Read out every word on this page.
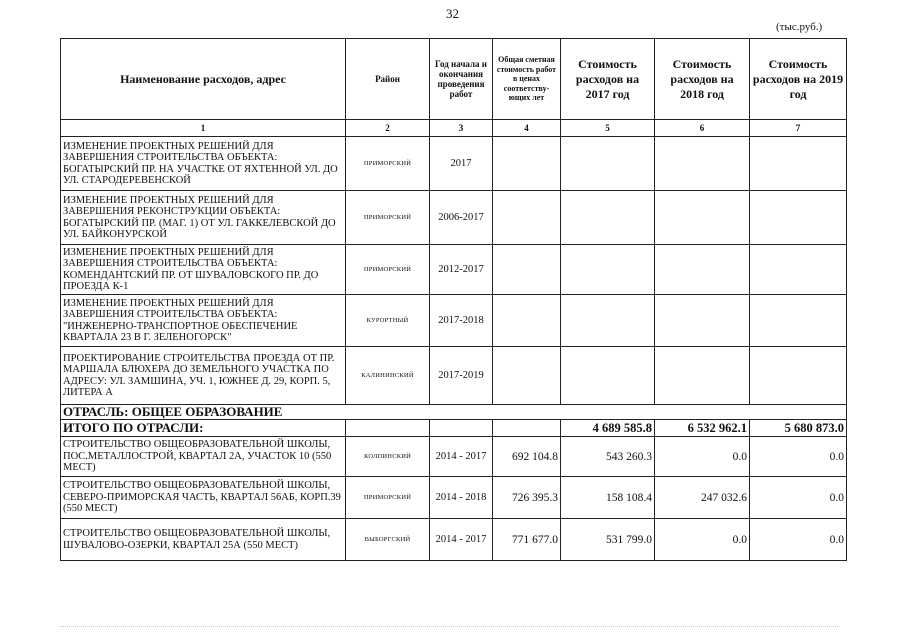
32
(тыс.руб.)
Наименование расходов, адрес	Район	Год начала и окончания проведения работ	Общая сметная стоимость работ в ценах соответству-ющих лет	Стоимость расходов на 2017 год	Стоимость расходов на 2018 год	Стоимость расходов на 2019 год
1	2	3	4	5	6	7
ИЗМЕНЕНИЕ ПРОЕКТНЫХ РЕШЕНИЙ ДЛЯ ЗАВЕРШЕНИЯ СТРОИТЕЛЬСТВА ОБЪЕКТА: БОГАТЫРСКИЙ ПР. НА УЧАСТКЕ ОТ ЯХТЕННОЙ УЛ. ДО УЛ. СТАРОДЕРЕВЕНСКОЙ	ПРИМОРСКИЙ	2017				
ИЗМЕНЕНИЕ ПРОЕКТНЫХ РЕШЕНИЙ ДЛЯ ЗАВЕРШЕНИЯ РЕКОНСТРУКЦИИ ОБЪЕКТА: БОГАТЫРСКИЙ ПР. (МАГ. 1) ОТ УЛ. ГАККЕЛЕВСКОЙ ДО УЛ. БАЙКОНУРСКОЙ	ПРИМОРСКИЙ	2006-2017				
ИЗМЕНЕНИЕ ПРОЕКТНЫХ РЕШЕНИЙ ДЛЯ ЗАВЕРШЕНИЯ СТРОИТЕЛЬСТВА ОБЪЕКТА: КОМЕНДАНТСКИЙ ПР. ОТ ШУВАЛОВСКОГО ПР. ДО ПРОЕЗДА К-1	ПРИМОРСКИЙ	2012-2017				
ИЗМЕНЕНИЕ ПРОЕКТНЫХ РЕШЕНИЙ ДЛЯ ЗАВЕРШЕНИЯ СТРОИТЕЛЬСТВА ОБЪЕКТА: "ИНЖЕНЕРНО-ТРАНСПОРТНОЕ ОБЕСПЕЧЕНИЕ КВАРТАЛА 23 В Г. ЗЕЛЕНОГОРСК"	КУРОРТНЫЙ	2017-2018				
ПРОЕКТИРОВАНИЕ СТРОИТЕЛЬСТВА ПРОЕЗДА ОТ ПР. МАРШАЛА БЛЮХЕРА ДО ЗЕМЕЛЬНОГО УЧАСТКА ПО АДРЕСУ: УЛ. ЗАМШИНА, УЧ. 1, ЮЖНЕЕ Д. 29, КОРП. 5, ЛИТЕРА А	КАЛИНИНСКИЙ	2017-2019				
ОТРАСЛЬ: ОБЩЕЕ ОБРАЗОВАНИЕ						
ИТОГО ПО ОТРАСЛИ:				4 689 585.8	6 532 962.1	5 680 873.0
СТРОИТЕЛЬСТВО ОБЩЕОБРАЗОВАТЕЛЬНОЙ ШКОЛЫ, ПОС.МЕТАЛЛОСТРОЙ, КВАРТАЛ 2А, УЧАСТОК 10 (550 МЕСТ)	КОЛПИНСКИЙ	2014 - 2017	692 104.8	543 260.3	0.0	0.0
СТРОИТЕЛЬСТВО ОБЩЕОБРАЗОВАТЕЛЬНОЙ ШКОЛЫ, СЕВЕРО-ПРИМОРСКАЯ ЧАСТЬ, КВАРТАЛ 56АБ, КОРП.39 (550 МЕСТ)	ПРИМОРСКИЙ	2014 - 2018	726 395.3	158 108.4	247 032.6	0.0
СТРОИТЕЛЬСТВО ОБЩЕОБРАЗОВАТЕЛЬНОЙ ШКОЛЫ, ШУВАЛОВО-ОЗЕРКИ, КВАРТАЛ 25А (550 МЕСТ)	ВЫБОРГСКИЙ	2014 - 2017	771 677.0	531 799.0	0.0	0.0
